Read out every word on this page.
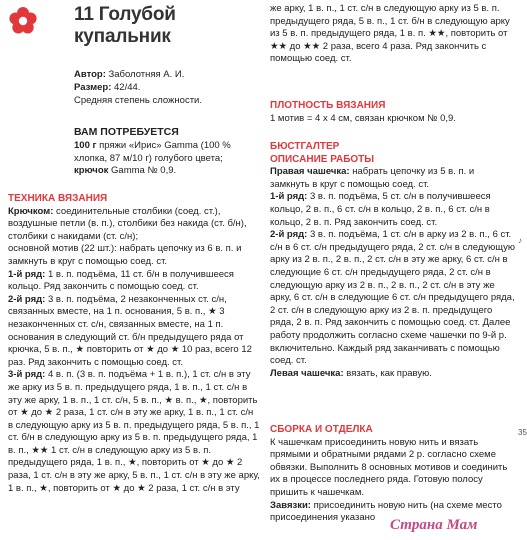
11 Голубой
купальник
Автор: Заболотняя А. И.
Размер: 42/44.
Средняя степень сложности.
ВАМ ПОТРЕБУЕТСЯ

100 г пряжи «Ирис» Gamma (100 % хлопка, 87 м/10 г) голубого цвета;

крючок Gamma № 0,9.

ТЕХНИКА ВЯЗАНИЯ

Крючком: соединительные столбики (соед. ст.), воздушные петли (в. п.), столбики без накида (ст. б/н), столбики с накидами (ст. с/н);

основной мотив (22 шт.): набрать цепочку из 6 в. п. и замкнуть в круг с помощью соед. ст.

1-й ряд: 1 в. п. подъёма, 11 ст. б/н в получившееся кольцо. Ряд закончить с помощью соед. ст.

2-й ряд: 3 в. п. подъёма, 2 незаконченных ст. с/н, связанных вместе, на 1 п. основания, 5 в. п., ★ 3 незаконченных ст. с/н, связанных вместе, на 1 п. основания в следующий ст. б/н предыдущего ряда от крючка, 5 в. п., ★ повторить от ★ до ★ 10 раз, всего 12 раз. Ряд закончить с помощью соед. ст.

3-й ряд: 4 в. п. (3 в. п. подъёма + 1 в. п.), 1 ст. с/н в эту же арку из 5 в. п. предыдущего ряда, 1 в. п., 1 ст. с/н в эту же арку, 1 в. п., 1 ст. с/н, 5 в. п., ★ в. п., ★, повторить от ★ до ★ 2 раза, 1 ст. с/н в эту же арку, 1 в. п., 1 ст. с/н в следующую арку из 5 в. п. предыдущего ряда, 5 в. п., 1 ст. б/н в следующую арку из 5 в. п. предыдущего ряда, 1 в. п., ★★ 1 ст. с/н в следующую арку из 5 в. п. предыдущего ряда, 1 в. п., ★, повторить от ★ до ★ 2 раза, 1 ст. с/н в эту же арку, 5 в. п., 1 ст. с/н в эту же арку, 1 в. п., ★, повторить от ★ до ★ 2 раза, 1 ст. с/н в эту

же арку, 1 в. п., 1 ст. с/н в следующую арку из 5 в. п. предыдущего ряда, 5 в. п., 1 ст. б/н в следующую арку из 5 в. п. предыдущего ряда, 1 в. п. ★★, повторить от ★★ до ★★ 2 раза, всего 4 раза. Ряд закончить с помощью соед. ст.
ПЛОТНОСТЬ ВЯЗАНИЯ

1 мотив = 4 х 4 см, связан крючком № 0,9.

БЮСТГАЛТЕР
ОПИСАНИЕ РАБОТЫ

Правая чашечка: набрать цепочку из 5 в. п. и замкнуть в круг с помощью соед. ст.

1-й ряд: 3 в. п. подъёма, 5 ст. с/н в получившееся кольцо, 2 в. п., 6 ст. с/н в кольцо, 2 в. п., 6 ст. с/н в кольцо, 2 в. п. Ряд закончить соед. ст.

2-й ряд: 3 в. п. подъёма, 1 ст. с/н в арку из 2 в. п., 6 ст. с/н в 6 ст. с/н предыдущего ряда, 2 ст. с/н в следующую арку из 2 в. п., 2 в. п., 2 ст. с/н в эту же арку, 6 ст. с/н в следующие 6 ст. с/н предыдущего ряда, 2 ст. с/н в следующую арку из 2 в. п., 2 в. п., 2 ст. с/н в эту же арку, 6 ст. с/н в следующие 6 ст. с/н предыдущего ряда, 2 ст. с/н в следующую арку из 2 в. п. предыдущего ряда, 2 в. п. Ряд закончить с помощью соед. ст. Далее работу продолжить согласно схеме чашечки по 9-й р. включительно. Каждый ряд заканчивать с помощью соед. ст.

Левая чашечка: вязать, как правую.

СБОРКА И ОТДЕЛКА

К чашечкам присоединить новую нить и вязать прямыми и обратными рядами 2 р. согласно схеме обвязки. Выполнить 8 основных мотивов и соединить их в процессе последнего ряда. Готовую полосу пришить к чашечкам.

Завязки: присоединить новую нить (на схеме место присоединения указано

♪
35
Страна Мам
